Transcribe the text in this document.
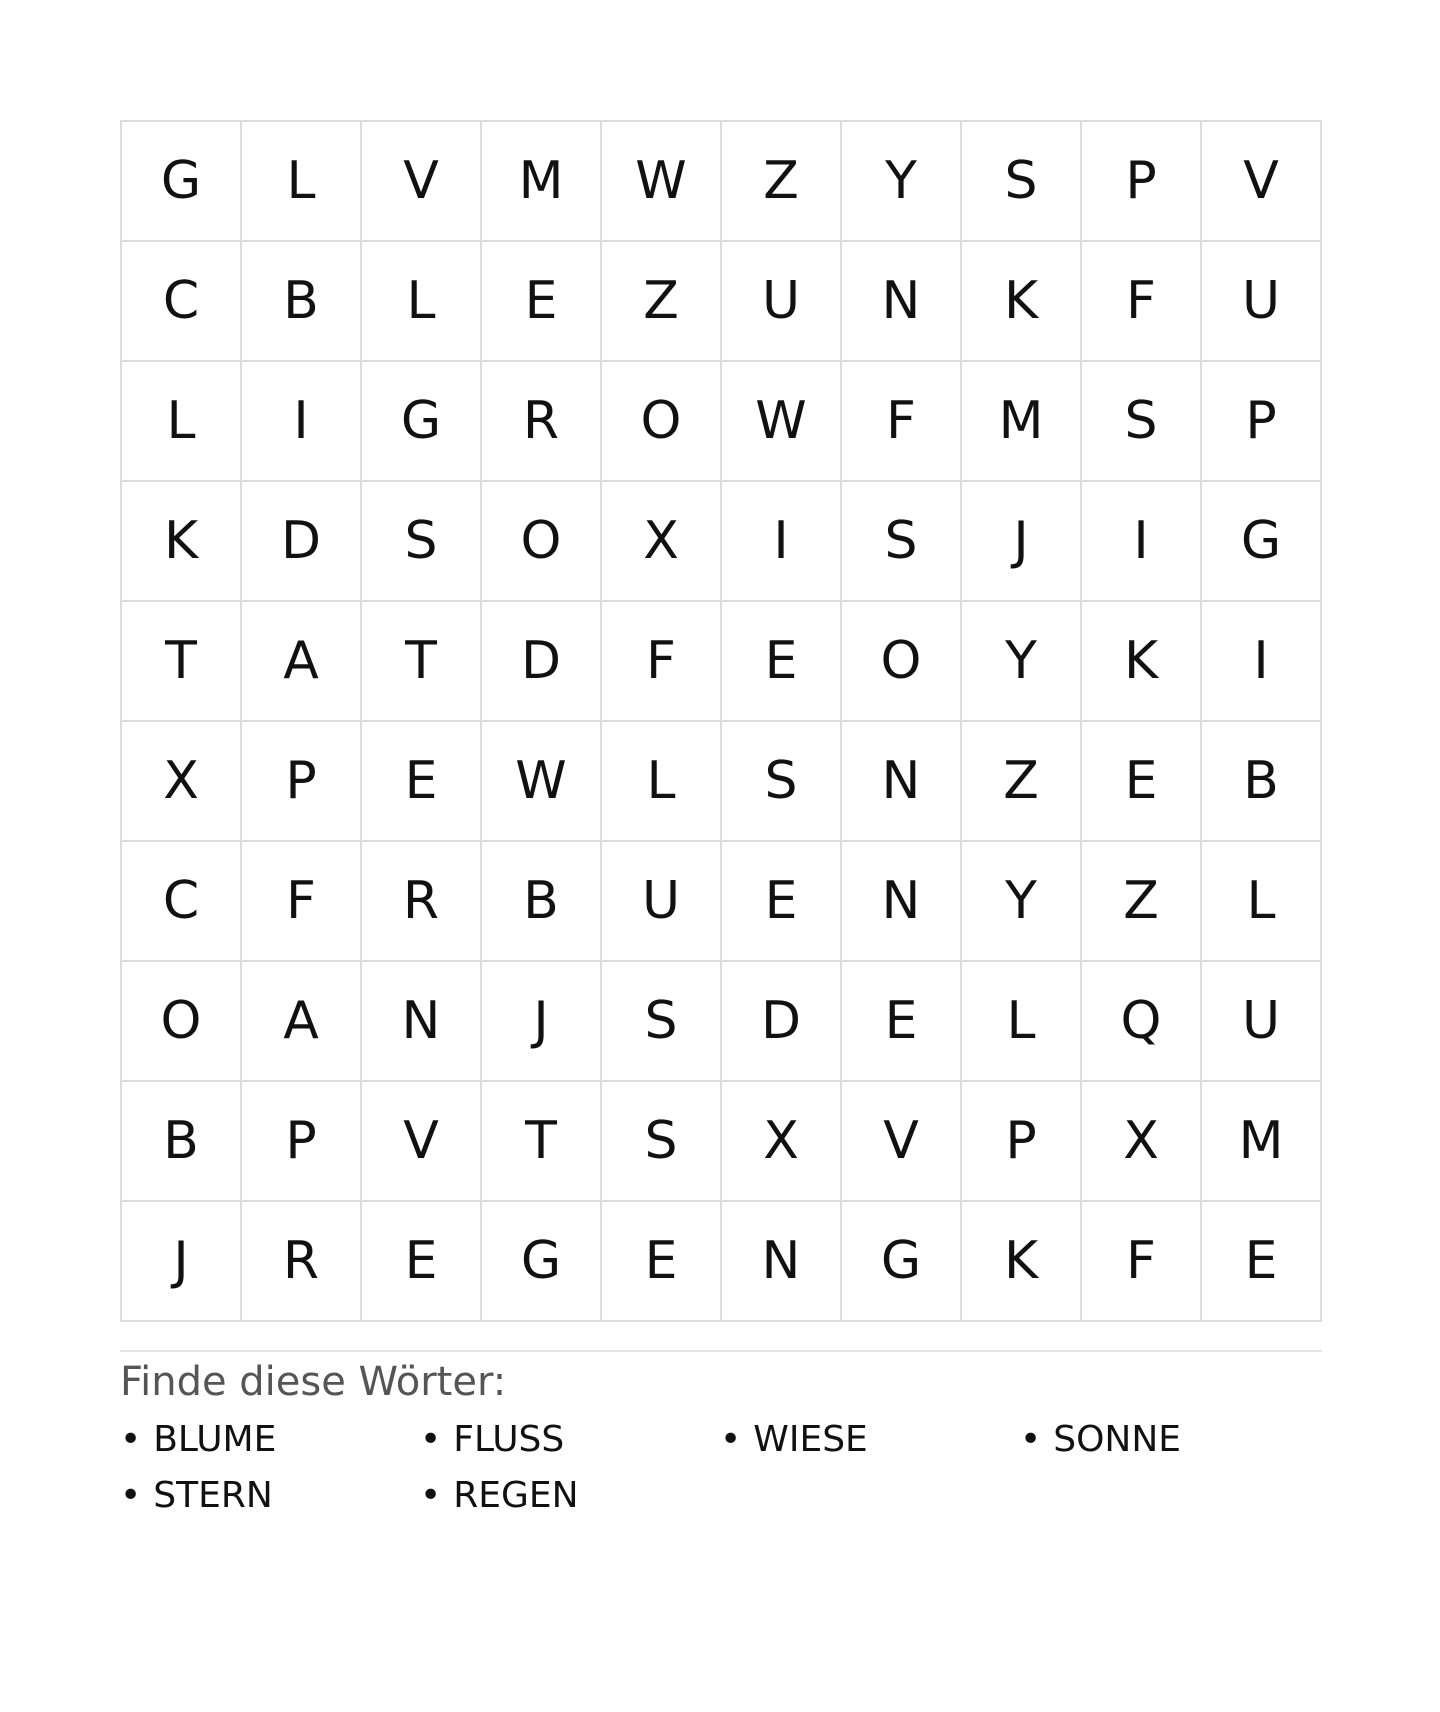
G	L	V	M	W	Z	Y	S	P	V
C	B	L	E	Z	U	N	K	F	U
L	I	G	R	O	W	F	M	S	P
K	D	S	O	X	I	S	J	I	G
T	A	T	D	F	E	O	Y	K	I
X	P	E	W	L	S	N	Z	E	B
C	F	R	B	U	E	N	Y	Z	L
O	A	N	J	S	D	E	L	Q	U
B	P	V	T	S	X	V	P	X	M
J	R	E	G	E	N	G	K	F	E
Finde diese Wörter:
• BLUME	• FLUSS	• WIESE	• SONNE
• STERN	• REGEN
